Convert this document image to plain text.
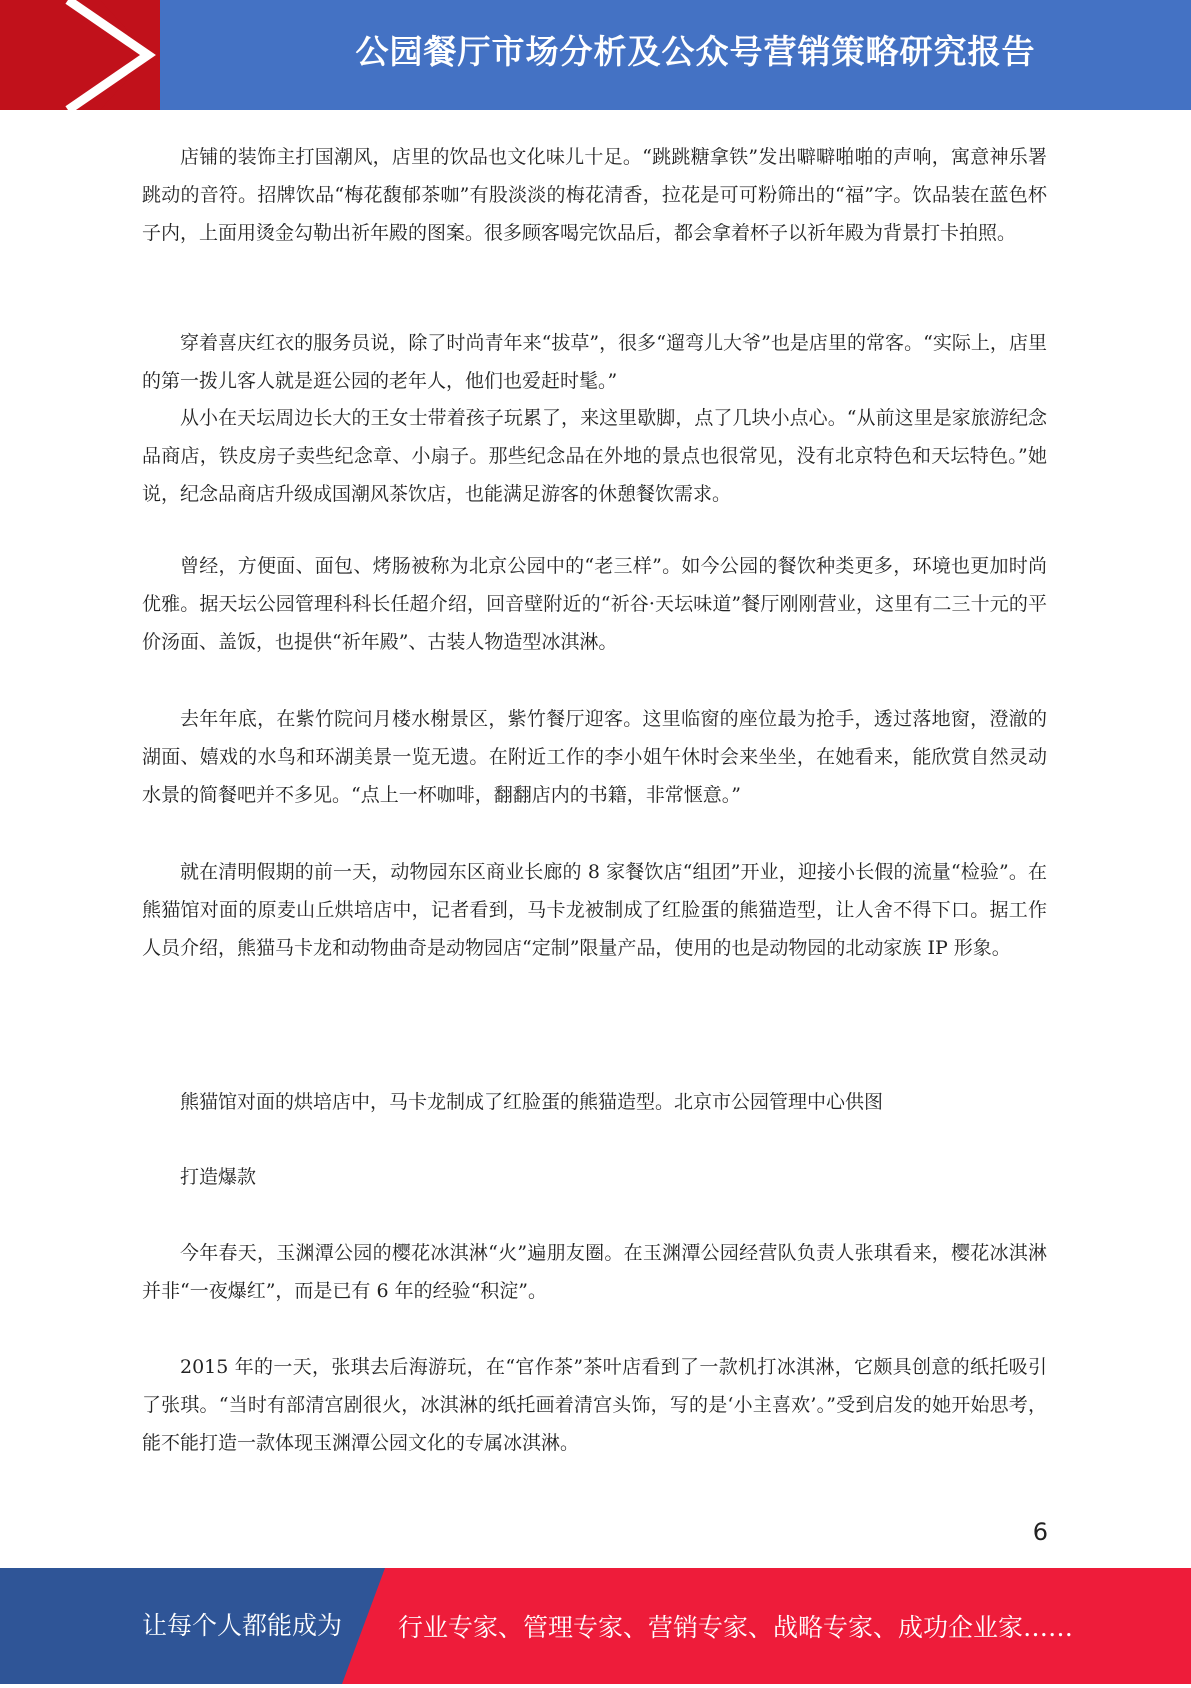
公园餐厅市场分析及公众号营销策略研究报告

店铺的装饰主打国潮风，店里的饮品也文化味儿十足。“跳跳糖拿铁”发出噼噼啪啪的声响，寓意神乐署跳动的音符。招牌饮品“梅花馥郁茶咖”有股淡淡的梅花清香，拉花是可可粉筛出的“福”字。饮品装在蓝色杯子内，上面用烫金勾勒出祈年殿的图案。很多顾客喝完饮品后，都会拿着杯子以祈年殿为背景打卡拍照。

穿着喜庆红衣的服务员说，除了时尚青年来“拔草”，很多“遛弯儿大爷”也是店里的常客。“实际上，店里的第一拨儿客人就是逛公园的老年人，他们也爱赶时髦。”

从小在天坛周边长大的王女士带着孩子玩累了，来这里歇脚，点了几块小点心。“从前这里是家旅游纪念品商店，铁皮房子卖些纪念章、小扇子。那些纪念品在外地的景点也很常见，没有北京特色和天坛特色。”她说，纪念品商店升级成国潮风茶饮店，也能满足游客的休憩餐饮需求。

曾经，方便面、面包、烤肠被称为北京公园中的“老三样”。如今公园的餐饮种类更多，环境也更加时尚优雅。据天坛公园管理科科长任超介绍，回音壁附近的“祈谷·天坛味道”餐厅刚刚营业，这里有二三十元的平价汤面、盖饭，也提供“祈年殿”、古装人物造型冰淇淋。

去年年底，在紫竹院问月楼水榭景区，紫竹餐厅迎客。这里临窗的座位最为抢手，透过落地窗，澄澈的湖面、嬉戏的水鸟和环湖美景一览无遗。在附近工作的李小姐午休时会来坐坐，在她看来，能欣赏自然灵动水景的简餐吧并不多见。“点上一杯咖啡，翻翻店内的书籍，非常惬意。”

就在清明假期的前一天，动物园东区商业长廊的 8 家餐饮店“组团”开业，迎接小长假的流量“检验”。在熊猫馆对面的原麦山丘烘培店中，记者看到，马卡龙被制成了红脸蛋的熊猫造型，让人舍不得下口。据工作人员介绍，熊猫马卡龙和动物曲奇是动物园店“定制”限量产品，使用的也是动物园的北动家族 IP 形象。

熊猫馆对面的烘培店中，马卡龙制成了红脸蛋的熊猫造型。北京市公园管理中心供图

打造爆款

今年春天，玉渊潭公园的樱花冰淇淋“火”遍朋友圈。在玉渊潭公园经营队负责人张琪看来，樱花冰淇淋并非“一夜爆红”，而是已有 6 年的经验“积淀”。

2015 年的一天，张琪去后海游玩，在“官作茶”茶叶店看到了一款机打冰淇淋，它颇具创意的纸托吸引了张琪。“当时有部清宫剧很火，冰淇淋的纸托画着清宫头饰，写的是‘小主喜欢’。”受到启发的她开始思考，能不能打造一款体现玉渊潭公园文化的专属冰淇淋。

6
让每个人都能成为 行业专家、管理专家、营销专家、战略专家、成功企业家……
